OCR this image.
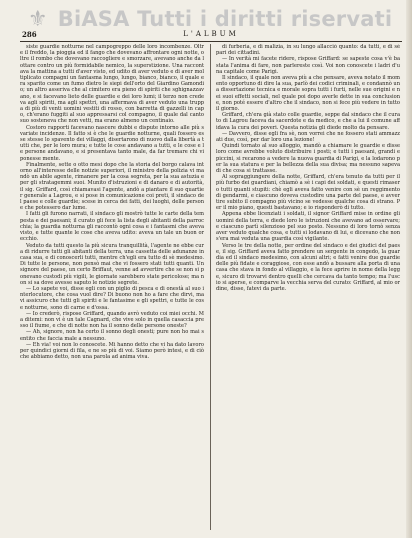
⚜ BiASA Tutti i diritti riservati
286	L'ALBUM

siste guardie notturne nel campogreppo delle loro incombenze. Oltre il freddo, la pioggia ed il fango che dovevano affrontare ogni notte, oltre il rombo che dovevano raccogliere e smorzare, avevano anche da lottare contro un più formidabile nemico, la superstizione. Una raccontava la mattina a tutti d'aver visto, ed udito di aver veduto e di aver moltiplicato compagni un fantasma lungo, lungo, bianco, bianco, il quale era sparito come un fumo dietro le siepi dell'orto del Giardino Gamondio; un altro asseriva che al cimitero era pieno di spiriti che sghignazzavano, e si facevano lieto delle guardie e dei loro lumi; il terzo non credeva agli spiriti, ma agli spettri, una affermava di aver veduto una truppa di più di venti uomini vestiti di rosso, con barretta di gazzelli in capo, ch'erano fuggiti al suo appressarsi col compagno, il quale dal canto suo sosteneva che non vetti, ma erano almeno un centinaio.

Costoro rapporti facevano nascere dubbi e dispute intorno alle più svariate incidenze. Il fatto si è che le guardie notturne, quali fossero esse stesse lo spavento dei villaggi, disertarono di nuovo dalla libertà a tutti che, per le loro mura; e tutte le cose andavano a tutti, e le cose e le persone andavano, e si presentava tanto male, da far tremare chi vi ponesse mente.

Finalmente, sette o otto mesi dopo che la storia del borgo calava intorno all'interesse delle notizie superiori, il ministro della polizia vi mandò un abile agente, rimanere per la cosa segreta, per la sua astuzia e per gli stratagemmi suoi. Munito d'istruzioni e di danaro e di autorità, il sig. Griffard, così chiamavasi l'agente, andò a piantare il suo quartier generale a Lagrou, e si pose in comunicazione coi preti, il sindaco del paese e colle guardie; scese in cerca dei fatti, dei luoghi, delle persone che potessero dar lume.

I fatti gli furono narrati, il sindaco gli mostrò tutte le carte della tempesta e dei paesani; il curato gli fece la lista degli abitanti della parrocchia; la guardia notturna gli raccontò ogni cosa e i fantasmi che aveva visto, e tutte quante le cose che aveva udito: aveva un tale un buon orecchio.

Veduto da tutti questo la più sicura tranquillità, l'agente ne ebbe cura di ridurre tutti gli abitanti della terra, una cassetta delle adunanze in casa sua, e di conoscerli tutti, mentre ch'egli era tutto di sè medesimo. Di tutte le persone, non pensò mai che vi fossero stati tutti quanti. Un signore del paese, un certo Briffaut, venne ad avvertire che se non si ponevano custodi più vigili, le giornate sarebbero state pericolose; ma non si sa dove avesse saputo le notizie segrete.

— Lo sapete voi, disse egli con un piglio di pesca e di onestà al suo interlocutore, che cosa vuol dire? Di buono non ho a fare che dirvi, ma vi assicuro che tutti gli spiriti e le fantasime e gli spettri, e tutte le cose notturne, sono di carne e d'ossa.

— Io crederò, rispose Griffard, quando avrò veduto coi miei occhi. Ma ditemi: non vi è un tale Cagnard, che vive solo in quella casaccia presso il fiume, e che di notte non ha il sonno delle persone oneste?

— Ah, signore, non ha certo il sonno degli onesti; pure non ho mai sentito che faccia male a nessuno.

— Eh via! voi non lo conoscete. Mi hanno detto che vi ha dato lavoro per quindici giorni di fila, e ne so più di voi. Siamo però intesi, e di ciò che abbiamo detto, non una parola ad anima viva.

di furberia, e di malizia, in su lungo allacciò quanto: da tutti, e di sè pari dei cittadini.

— In verità mi facete ridere, rispose Griffard: se sapeste cosa v'è bastata l'anima di fare, non parlereste così. Voi non conoscete i ladri d'una capitale come Parigi.

Il sindaco, il quale non aveva più a che pensare, aveva notato il momento opportuno di dire la sua, parlò dei codici criminali, e condannò una dissertazione tecnica e morale sopra tutti i furti, nelle sue origini e nei suoi effetti sociali, nel quale poi dopo averle dette in sua conclusione, non poté essere d'altro che il sindaco, non si fece più vedere in tutto il giorno.

Griffard, ch'era già stato colle guardie, seppe dal sindaco che il curato di Lagrou faceva da sacerdote e da medico, e che a lui il comune affidava la cura dei poveri. Questa notizia gli diede molto da pensare.

— Davvero, disse egli fra sè, non vorrei che ne fossero stati ammazzati due, così, per dar loro una lezione!

Quindi tornato al suo alloggio, mandò a chiamare le guardie e disse loro come avrebbe voluto distribuire i posti; e tutti i paesani, grandi e piccini, si recarono a vedere la nuova guardia di Parigi, e la lodarono per la sua statura e per la bellezza della sua divisa; ma nessuno sapeva di che cosa si trattasse.

Al sopraggiungere della notte, Griffard, ch'era tenuto da tutti per il più furbo dei guardiani, chiamò a sè i capi dei soldati, e questi rimasero tutti quanti stupiti: chè egli aveva fatto venire con sè un reggimento di gendarmi, e ciascuno doveva custodire una parte del paese, e avvertire subito il compagno più vicino se vedesse qualche cosa di strano. Per il mio piano, questi bastavano; e io risponderò di tutto.

Appena ebbe licenziati i soldati, il signor Griffard mise in ordine gli uomini della terra, e diede loro le istruzioni che avevano ad osservare; e ciascuno partì silenzioso pel suo posto. Nessuno di loro tornò senza aver veduto qualche cosa, e tutti si lodavano di lui, e dicevano che non s'era mai veduta una guardia così vigilante.

Verso le tre della notte, per ordine del sindaco e dei giudici del paese, il sig. Griffard aveva fatto prendere un sergente in congedo, la guardia ed il sindaco medesimo, con alcuni altri; e fatti venire due guardie delle più fidate e coraggiose, con esse andò a bussare alla porta di una casa che stava in fondo al villaggio, e la fece aprire in nome della legge, sicuro di trovarvi dentro quelli che cercava da tanto tempo; ma l'uscio si aperse, e comparve la vecchia serva del curato: Griffard, al mio ordine, disse, fatevi da parte.
